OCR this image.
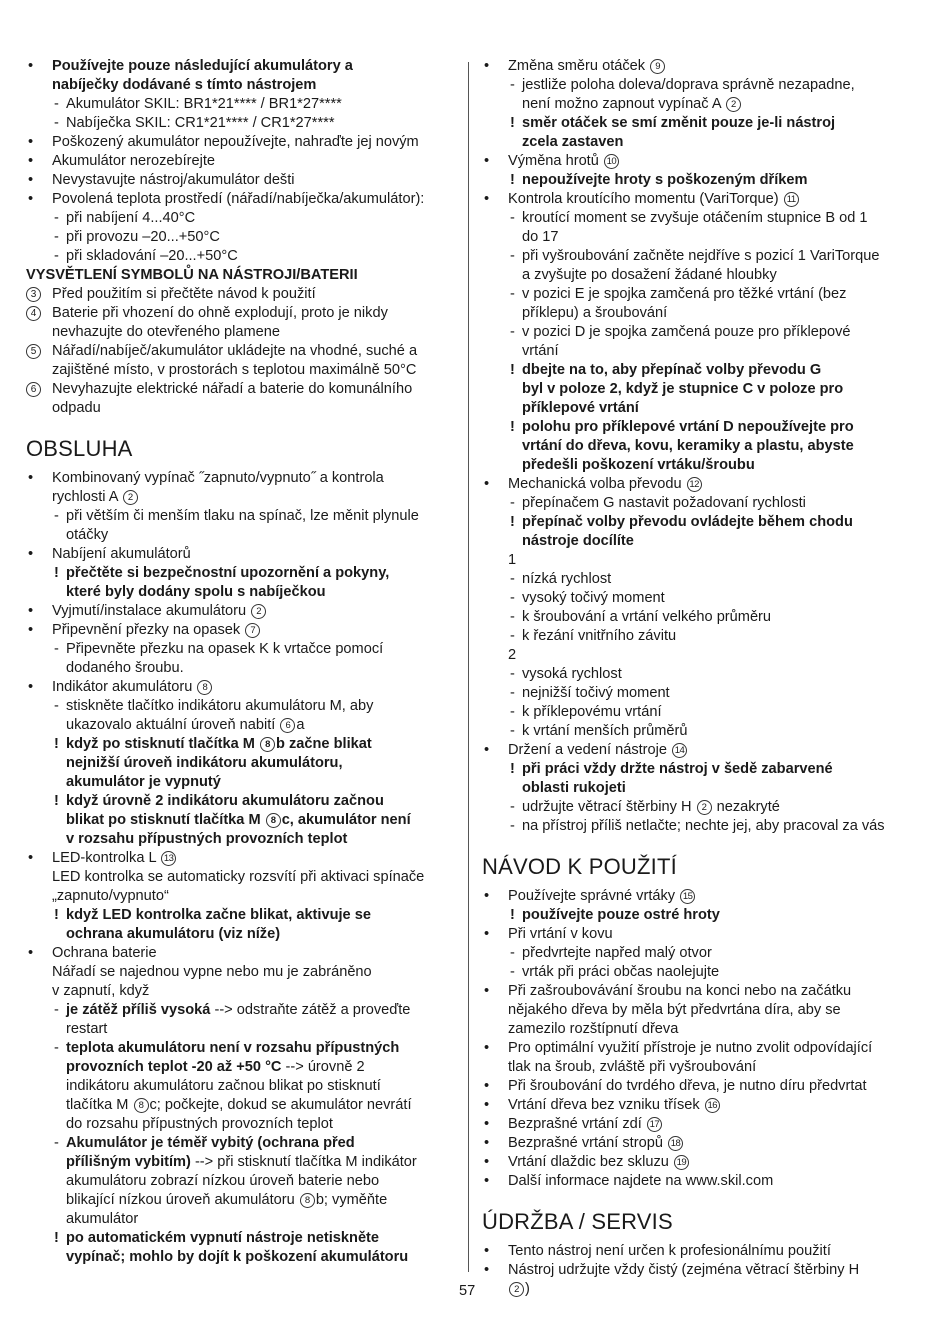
• Používejte pouze následující akumulátory a
nabíječky dodávané s tímto nástrojem
- Akumulátor SKIL: BR1*21**** / BR1*27****
- Nabíječka SKIL: CR1*21**** / CR1*27****
• Poškozený akumulátor nepoužívejte, nahraďte jej novým
• Akumulátor nerozebírejte
• Nevystavujte nástroj/akumulátor dešti
• Povolená teplota prostředí (nářadí/nabíječka/akumulátor):
- při nabíjení 4...40°C
- při provozu –20...+50°C
- při skladování –20...+50°C
VYSVĚTLENÍ SYMBOLŮ NA NÁSTROJI/BATERII
3 Před použitím si přečtěte návod k použití
4 Baterie při vhození do ohně explodují, proto je nikdy
nevhazujte do otevřeného plamene
5 Nářadí/nabíječ/akumulátor ukládejte na vhodné, suché a
zajištěné místo, v prostorách s teplotou maximálně 50°C
6 Nevyhazujte elektrické nářadí a baterie do komunálního
odpadu
OBSLUHA
• Kombinovaný vypínač ˝zapnuto/vypnuto˝ a kontrola
rychlosti A 2
- při větším či menším tlaku na spínač, lze měnit plynule
otáčky
• Nabíjení akumulátorů
! přečtěte si bezpečnostní upozornění a pokyny,
které byly dodány spolu s nabíječkou
• Vyjmutí/instalace akumulátoru 2
• Připevnění přezky na opasek 7
- Připevněte přezku na opasek K k vrtačce pomocí
dodaného šroubu.
• Indikátor akumulátoru 8
- stiskněte tlačítko indikátoru akumulátoru M, aby
ukazovalo aktuální úroveň nabití 6 a
! když po stisknutí tlačítka M 8 b začne blikat
nejnižší úroveň indikátoru akumulátoru,
akumulátor je vypnutý
! když úrovně 2 indikátoru akumulátoru začnou
blikat po stisknutí tlačítka M 8 c, akumulátor není
v rozsahu přípustných provozních teplot
• LED-kontrolka L 13
LED kontrolka se automaticky rozsvítí při aktivaci spínače
„zapnuto/vypnuto“
! když LED kontrolka začne blikat, aktivuje se
ochrana akumulátoru (viz níže)
• Ochrana baterie
Nářadí se najednou vypne nebo mu je zabráněno
v zapnutí, když
- je zátěž příliš vysoká --> odstraňte zátěž a proveďte
restart
- teplota akumulátoru není v rozsahu přípustných
provozních teplot -20 až +50 °C --> úrovně 2
indikátoru akumulátoru začnou blikat po stisknutí
tlačítka M 8 c; počkejte, dokud se akumulátor nevrátí
do rozsahu přípustných provozních teplot
- Akumulátor je téměř vybitý (ochrana před
přílišným vybitím) --> při stisknutí tlačítka M indikátor
akumulátoru zobrazí nízkou úroveň baterie nebo
blikající nízkou úroveň akumulátoru 8 b; vyměňte
akumulátor
! po automatickém vypnutí nástroje netiskněte
vypínač; mohlo by dojít k poškození akumulátoru
• Změna směru otáček 9
- jestliže poloha doleva/doprava správně nezapadne,
není možno zapnout vypínač A 2
! směr otáček se smí změnit pouze je-li nástroj
zcela zastaven
• Výměna hrotů 10
! nepoužívejte hroty s poškozeným dříkem
• Kontrola kroutícího momentu (VariTorque) 11
- kroutící moment se zvyšuje otáčením stupnice B od 1
do 17
- při vyšroubování začněte nejdříve s pozicí 1 VariTorque
a zvyšujte po dosažení žádané hloubky
- v pozici E je spojka zamčená pro těžké vrtání (bez
příklepu) a šroubování
- v pozici D je spojka zamčená pouze pro příklepové
vrtání
! dbejte na to, aby přepínač volby převodu G
byl v poloze 2, když je stupnice C v poloze pro
příklepové vrtání
! polohu pro příklepové vrtání D nepoužívejte pro
vrtání do dřeva, kovu, keramiky a plastu, abyste
předešli poškození vrtáku/šroubu
• Mechanická volba převodu 12
- přepínačem G nastavit požadovaní rychlosti
! přepínač volby převodu ovládejte během chodu
nástroje docílíte
1
- nízká rychlost
- vysoký točivý moment
- k šroubování a vrtání velkého průměru
- k řezání vnitřního závitu
2
- vysoká rychlost
- nejnižší točivý moment
- k příklepovému vrtání
- k vrtání menších průměrů
• Držení a vedení nástroje 14
! při práci vždy držte nástroj v šedě zabarvené
oblasti rukojeti
- udržujte větrací štěrbiny H 2 nezakryté
- na přístroj příliš netlačte; nechte jej, aby pracoval za vás
NÁVOD K POUŽITÍ
• Používejte správné vrtáky 15
! používejte pouze ostré hroty
• Při vrtání v kovu
- předvrtejte napřed malý otvor
- vrták při práci občas naolejujte
• Při zašroubovávání šroubu na konci nebo na začátku
nějakého dřeva by měla být předvrtána díra, aby se
zamezilo rozštípnutí dřeva
• Pro optimální využití přístroje je nutno zvolit odpovídající
tlak na šroub, zvláště při vyšroubování
• Při šroubování do tvrdého dřeva, je nutno díru předvrtat
• Vrtání dřeva bez vzniku třísek 16
• Bezprašné vrtání zdí 17
• Bezprašné vrtání stropů 18
• Vrtání dlaždic bez skluzu 19
• Další informace najdete na www.skil.com
ÚDRŽBA / SERVIS
• Tento nástroj není určen k profesionálnímu použití
• Nástroj udržujte vždy čistý (zejména větrací štěrbiny H
2 )
57
